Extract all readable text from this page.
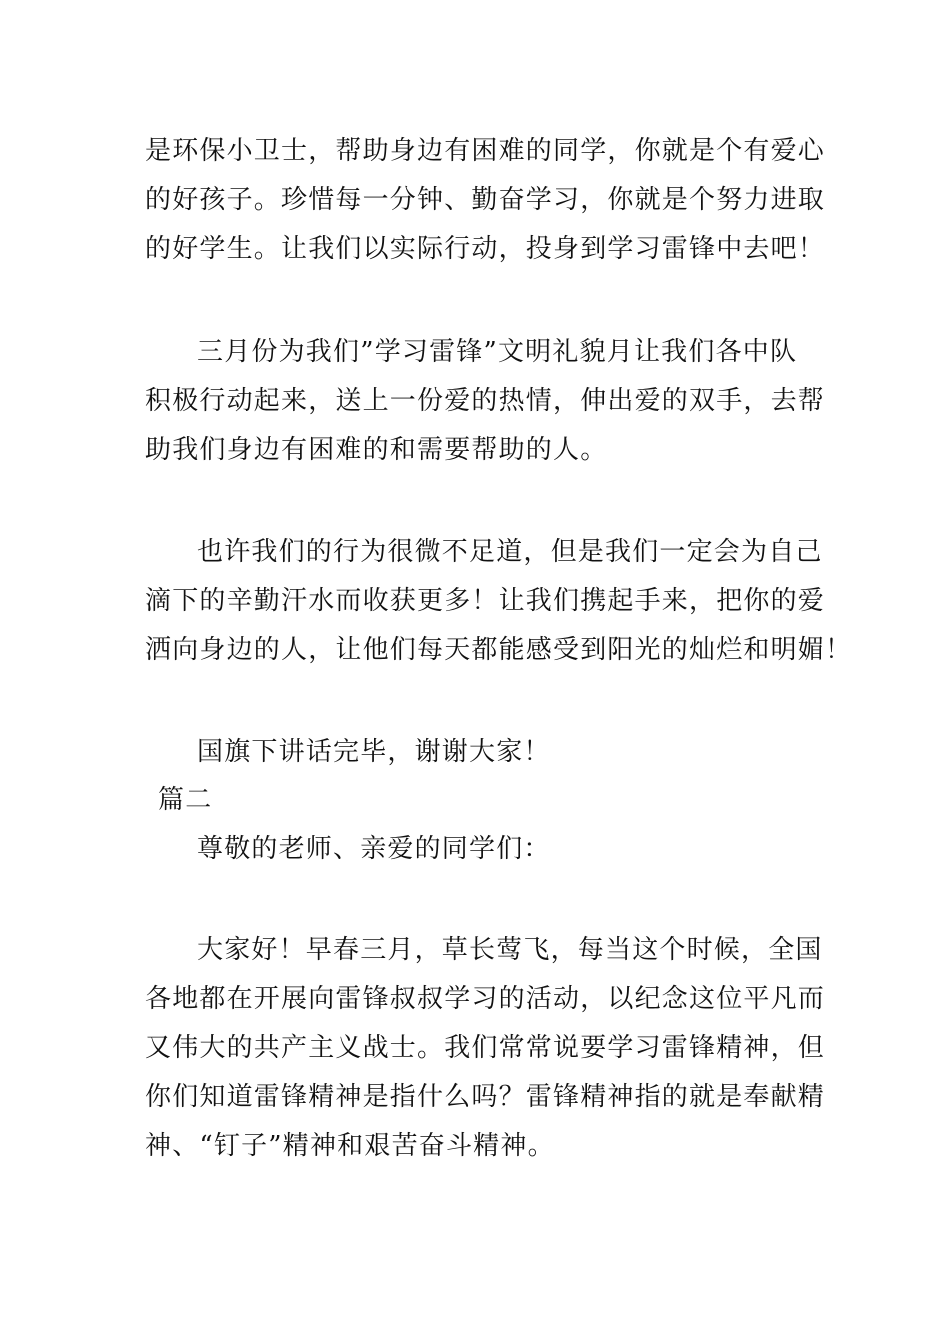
是环保小卫士，帮助身边有困难的同学，你就是个有爱心
的好孩子。珍惜每一分钟、勤奋学习，你就是个努力进取
的好学生。让我们以实际行动，投身到学习雷锋中去吧！
三月份为我们”学习雷锋”文明礼貌月让我们各中队
积极行动起来，送上一份爱的热情，伸出爱的双手，去帮
助我们身边有困难的和需要帮助的人。
也许我们的行为很微不足道，但是我们一定会为自己
滴下的辛勤汗水而收获更多！让我们携起手来，把你的爱
洒向身边的人，让他们每天都能感受到阳光的灿烂和明媚！
国旗下讲话完毕，谢谢大家！
篇二
尊敬的老师、亲爱的同学们：
大家好！早春三月，草长莺飞，每当这个时候，全国
各地都在开展向雷锋叔叔学习的活动，以纪念这位平凡而
又伟大的共产主义战士。我们常常说要学习雷锋精神，但
你们知道雷锋精神是指什么吗？雷锋精神指的就是奉献精
神、“钉子”精神和艰苦奋斗精神。
